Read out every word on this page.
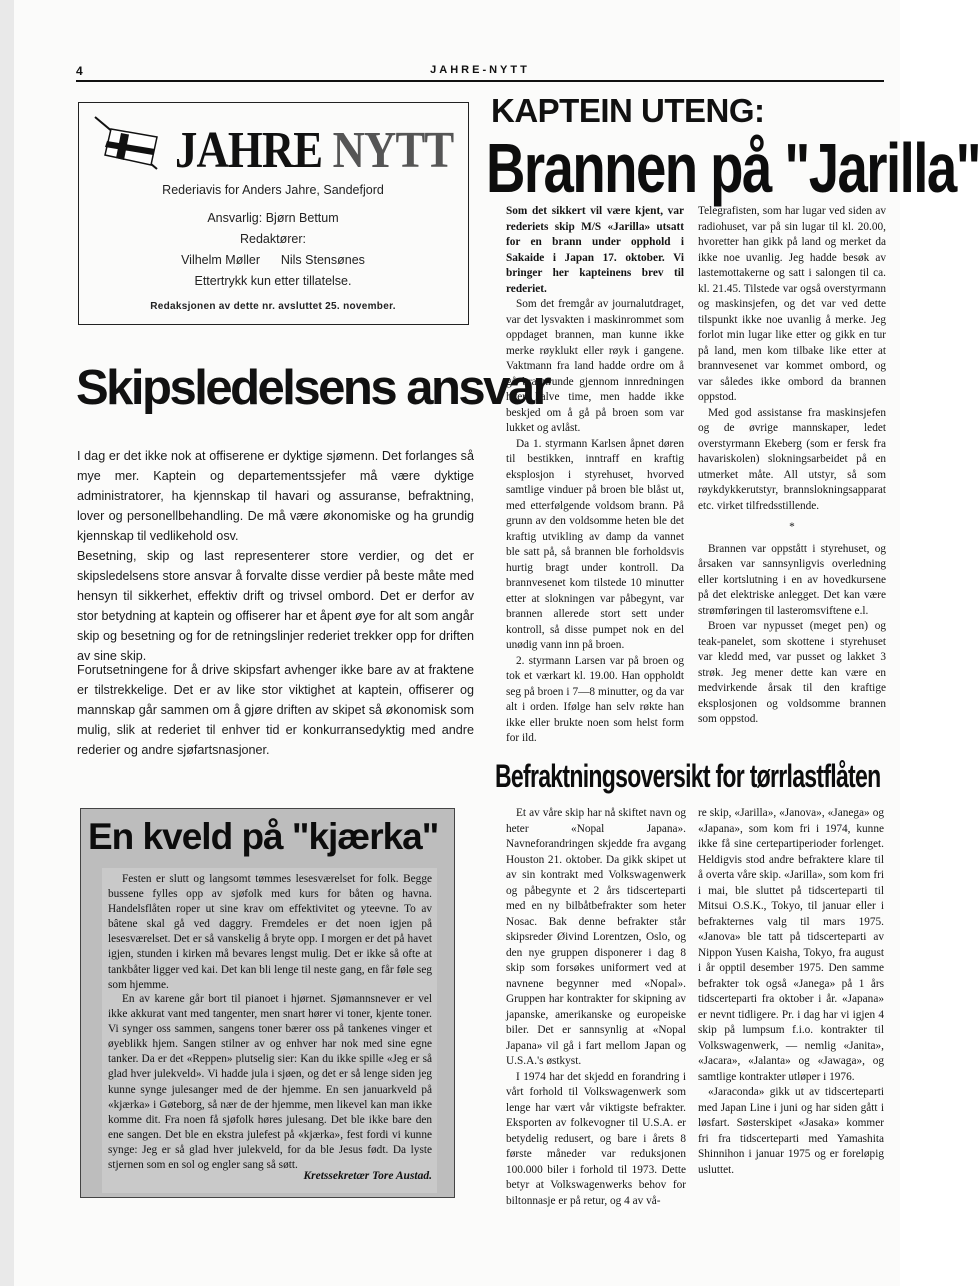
4	JAHRE-NYTT
JAHRE NYTT
Rederiavis for Anders Jahre, Sandefjord
Ansvarlig: Bjørn Bettum
Redaktører:
Vilhelm Møller      Nils Stensønes
Ettertrykk kun etter tillatelse.
Redaksjonen av dette nr. avsluttet 25. november.
Skipsledelsens ansvar

I dag er det ikke nok at offiserene er dyktige sjømenn. Det forlanges så mye mer. Kaptein og departementssjefer må være dyktige administratorer, ha kjennskap til havari og assuranse, befraktning, lover og personellbehandling. De må være økonomiske og ha grundig kjennskap til vedlikehold osv.

Besetning, skip og last representerer store verdier, og det er skipsledelsens store ansvar å forvalte disse verdier på beste måte med hensyn til sikkerhet, effektiv drift og trivsel ombord. Det er derfor av stor betydning at kaptein og offiserer har et åpent øye for alt som angår skip og besetning og for de retningslinjer rederiet trekker opp for driften av sine skip.

Forutsetningene for å drive skipsfart avhenger ikke bare av at fraktene er tilstrekkelige. Det er av like stor viktighet at kaptein, offiserer og mannskap går sammen om å gjøre driften av skipet så økonomisk som mulig, slik at rederiet til enhver tid er konkurransedyktig med andre rederier og andre sjøfartsnasjoner.

En kveld på "kjærka"

Festen er slutt og langsomt tømmes lesesværelset for folk. Begge bussene fylles opp av sjøfolk med kurs for båten og havna. Handelsflåten roper ut sine krav om effektivitet og yteevne. To av bâtene skal gå ved daggry. Fremdeles er det noen igjen på lesesværelset. Det er så vanskelig å bryte opp. I morgen er det på havet igjen, stunden i kirken må bevares lengst mulig. Det er ikke så ofte at tankbåter ligger ved kai. Det kan bli lenge til neste gang, en får føle seg som hjemme.

En av karene går bort til pianoet i hjørnet. Sjømannsnever er vel ikke akkurat vant med tangenter, men snart hører vi toner, kjente toner. Vi synger oss sammen, sangens toner bærer oss på tankenes vinger et øyeblikk hjem. Sangen stilner av og enhver har nok med sine egne tanker. Da er det «Reppen» plutselig sier: Kan du ikke spille «Jeg er så glad hver julekveld». Vi hadde jula i sjøen, og det er så lenge siden jeg kunne synge julesanger med de der hjemme. En sen januarkveld på «kjærka» i Gøteborg, så nær de der hjemme, men likevel kan man ikke komme dit. Fra noen få sjøfolk høres julesang. Det ble ikke bare den ene sangen. Det ble en ekstra julefest på «kjærka», fest fordi vi kunne synge: Jeg er så glad hver julekveld, for da ble Jesus født. Da lyste stjernen som en sol og engler sang så søtt.

Kretssekretær Tore Austad.
KAPTEIN UTENG:
Brannen på "Jarilla"

Som det sikkert vil være kjent, var rederiets skip M/S «Jarilla» utsatt for en brann under opphold i Sakaide i Japan 17. oktober. Vi bringer her kapteinens brev til rederiet.

Som det fremgår av journalutdraget, var det lysvakten i maskinrommet som oppdaget brannen, man kunne ikke merke røyklukt eller røyk i gangene. Vaktmann fra land hadde ordre om å gå brannrunde gjennom innredningen hver halve time, men hadde ikke beskjed om å gå på broen som var lukket og avlåst.

Da 1. styrmann Karlsen åpnet døren til bestikken, inntraff en kraftig eksplosjon i styrehuset, hvorved samtlige vinduer på broen ble blåst ut, med etterfølgende voldsom brann. På grunn av den voldsomme heten ble det kraftig utvikling av damp da vannet ble satt på, så brannen ble forholdsvis hurtig bragt under kontroll. Da brannvesenet kom tilstede 10 minutter etter at slokningen var påbegynt, var brannen allerede stort sett under kontroll, så disse pumpet nok en del unødig vann inn på broen.

2. styrmann Larsen var på broen og tok et værkart kl. 19.00. Han oppholdt seg på broen i 7—8 minutter, og da var alt i orden. Ifølge han selv røkte han ikke eller brukte noen som helst form for ild.

Telegrafisten, som har lugar ved siden av radiohuset, var på sin lugar til kl. 20.00, hvoretter han gikk på land og merket da ikke noe uvanlig. Jeg hadde besøk av lastemottakerne og satt i salongen til ca. kl. 21.45. Tilstede var også overstyrmann og maskinsjefen, og det var ved dette tilspunkt ikke noe uvanlig å merke. Jeg forlot min lugar like etter og gikk en tur på land, men kom tilbake like etter at brannvesenet var kommet ombord, og var således ikke ombord da brannen oppstod.

Med god assistanse fra maskinsjefen og de øvrige mannskaper, ledet overstyrmann Ekeberg (som er fersk fra havariskolen) slokningsarbeidet på en utmerket måte. All utstyr, så som røykdykkerutstyr, brannslokningsapparat etc. virket tilfredsstillende.

*

Brannen var oppstått i styrehuset, og årsaken var sannsynligvis overledning eller kortslutning i en av hovedkursene på det elektriske anlegget. Det kan være strømføringen til lasteromsviftene e.l.

Broen var nypusset (meget pen) og teak-panelet, som skottene i styrehuset var kledd med, var pusset og lakket 3 strøk. Jeg mener dette kan være en medvirkende årsak til den kraftige eksplosjonen og voldsomme brannen som oppstod.

Befraktningsoversikt for tørrlastflåten

Et av våre skip har nå skiftet navn og heter «Nopal Japana». Navneforandringen skjedde fra avgang Houston 21. oktober. Da gikk skipet ut av sin kontrakt med Volkswagenwerk og påbegynte et 2 års tidscerteparti med en ny bilbåtbefrakter som heter Nosac. Bak denne befrakter står skipsreder Øivind Lorentzen, Oslo, og den nye gruppen disponerer i dag 8 skip som forsøkes uniformert ved at navnene begynner med «Nopal». Gruppen har kontrakter for skipning av japanske, amerikanske og europeiske biler. Det er sannsynlig at «Nopal Japana» vil gå i fart mellom Japan og U.S.A.'s østkyst.

I 1974 har det skjedd en forandring i vårt forhold til Volkswagenwerk som lenge har vært vår viktigste befrakter. Eksporten av folkevogner til U.S.A. er betydelig redusert, og bare i årets 8 første måneder var reduksjonen 100.000 biler i forhold til 1973. Dette betyr at Volkswagenwerks behov for biltonnasje er på retur, og 4 av vå-

re skip, «Jarilla», «Janova», «Janega» og «Japana», som kom fri i 1974, kunne ikke få sine certepartiperioder forlenget. Heldigvis stod andre befraktere klare til å overta våre skip. «Jarilla», som kom fri i mai, ble sluttet på tidscerteparti til Mitsui O.S.K., Tokyo, til januar eller i befrakternes valg til mars 1975. «Janova» ble tatt på tidscerteparti av Nippon Yusen Kaisha, Tokyo, fra august i år opptil desember 1975. Den samme befrakter tok også «Janega» på 1 års tidscerteparti fra oktober i år. «Japana» er nevnt tidligere. Pr. i dag har vi igjen 4 skip på lumpsum f.i.o. kontrakter til Volkswagenwerk, — nemlig «Janita», «Jacara», «Jalanta» og «Jawaga», og samtlige kontrakter utløper i 1976.

«Jaraconda» gikk ut av tidscerteparti med Japan Line i juni og har siden gått i løsfart. Søsterskipet «Jasaka» kommer fri fra tidscerteparti med Yamashita Shinnihon i januar 1975 og er foreløpig usluttet.
